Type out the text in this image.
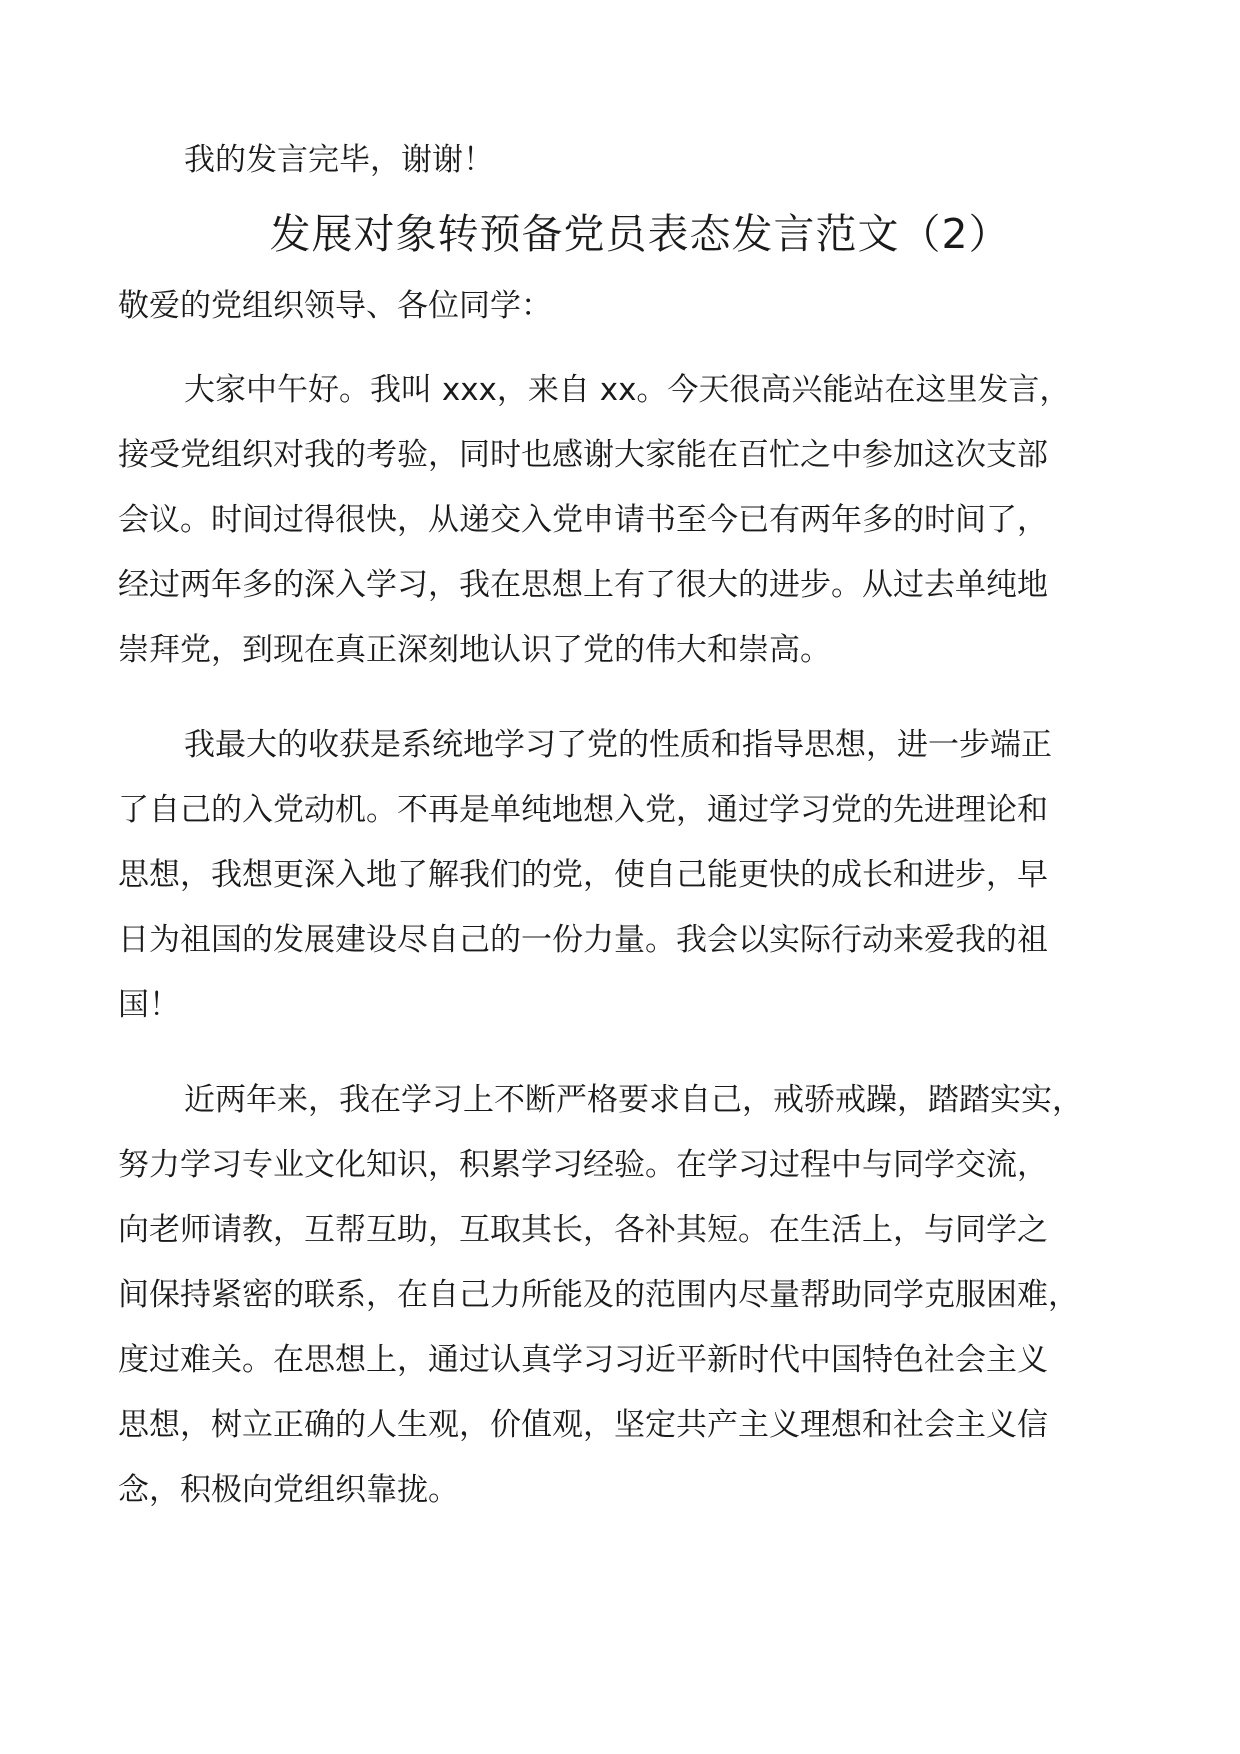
我的发言完毕，谢谢！

发展对象转预备党员表态发言范文（2）

敬爱的党组织领导、各位同学：

大家中午好。我叫 xxx，来自 xx。今天很高兴能站在这里发言，
接受党组织对我的考验，同时也感谢大家能在百忙之中参加这次支部
会议。时间过得很快，从递交入党申请书至今已有两年多的时间了，
经过两年多的深入学习，我在思想上有了很大的进步。从过去单纯地
崇拜党，到现在真正深刻地认识了党的伟大和崇高。

我最大的收获是系统地学习了党的性质和指导思想，进一步端正
了自己的入党动机。不再是单纯地想入党，通过学习党的先进理论和
思想，我想更深入地了解我们的党，使自己能更快的成长和进步，早
日为祖国的发展建设尽自己的一份力量。我会以实际行动来爱我的祖
国！

近两年来，我在学习上不断严格要求自己，戒骄戒躁，踏踏实实，
努力学习专业文化知识，积累学习经验。在学习过程中与同学交流，
向老师请教，互帮互助，互取其长，各补其短。在生活上，与同学之
间保持紧密的联系，在自己力所能及的范围内尽量帮助同学克服困难，
度过难关。在思想上，通过认真学习习近平新时代中国特色社会主义
思想，树立正确的人生观，价值观，坚定共产主义理想和社会主义信
念，积极向党组织靠拢。
